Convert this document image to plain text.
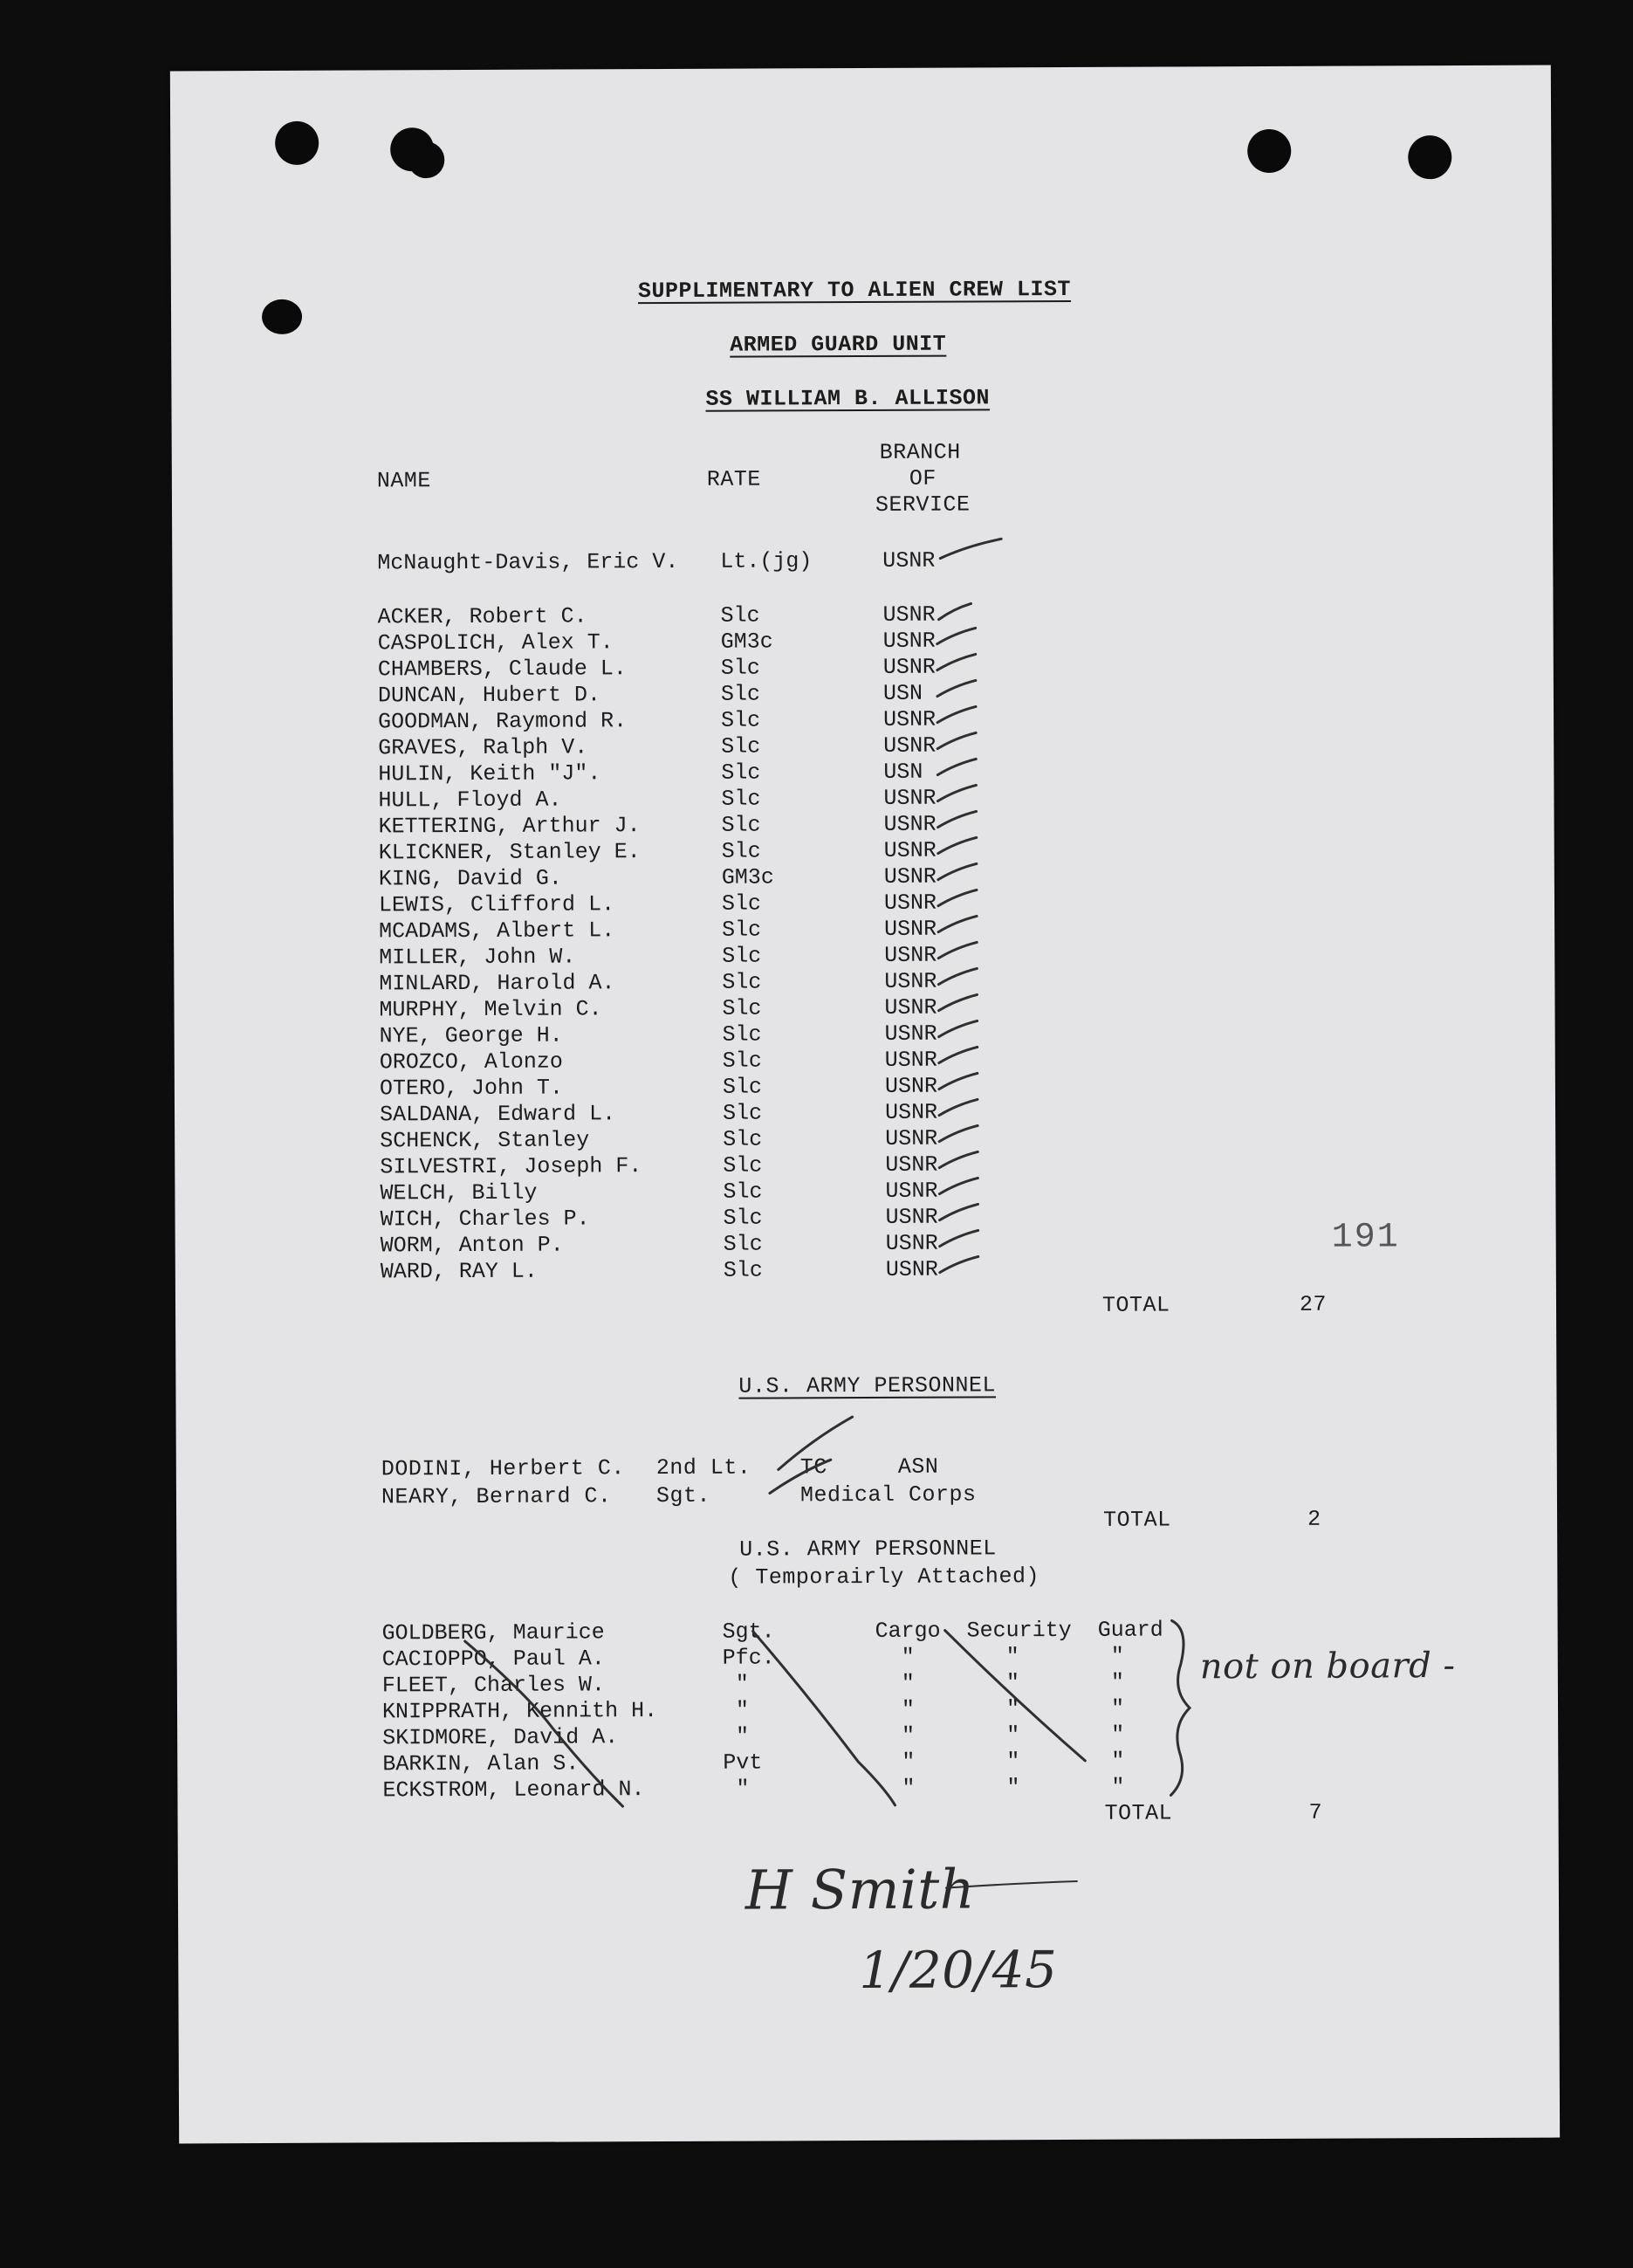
SUPPLIMENTARY TO ALIEN CREW LIST
ARMED GUARD UNIT
SS WILLIAM B. ALLISON
NAME	RATE
BRANCH
OF
SERVICE
McNaught-Davis, Eric V. Lt.(jg)	USNR
ACKER, Robert C.	Slc	USNR
CASPOLICH, Alex T.	GM3c	USNR
CHAMBERS, Claude L.	Slc	USNR
DUNCAN, Hubert D.	Slc	USN
GOODMAN, Raymond R.	Slc	USNR
GRAVES, Ralph V.	Slc	USNR
HULIN, Keith "J".	Slc	USN
HULL, Floyd A.	Slc	USNR
KETTERING, Arthur J.	Slc	USNR
KLICKNER, Stanley E.	Slc	USNR
KING, David G.	GM3c	USNR
LEWIS, Clifford L.	Slc	USNR
MCADAMS, Albert L.	Slc	USNR
MILLER, John W.	Slc	USNR
MINLARD, Harold A.	Slc	USNR
MURPHY, Melvin C.	Slc	USNR
NYE, George H.	Slc	USNR
OROZCO, Alonzo	Slc	USNR
OTERO, John T.	Slc	USNR
SALDANA, Edward L.	Slc	USNR
SCHENCK, Stanley	Slc	USNR
SILVESTRI, Joseph F.	Slc	USNR
WELCH, Billy	Slc	USNR
WICH, Charles P.	Slc	USNR
WORM, Anton P.	Slc	USNR
WARD, RAY L.	Slc	USNR
191
TOTAL	27
U.S. ARMY PERSONNEL
DODINI, Herbert C. 2nd Lt. TC	ASN
NEARY, Bernard C. Sgt.	Medical Corps
TOTAL	2
U.S. ARMY PERSONNEL
( Temporairly Attached)
GOLDBERG, Maurice	Sgt.	Cargo  Security  Guard
CACIOPPO, Paul A.	Pfc.	"       "       "
FLEET, Charles W.	"	"       "       "
KNIPPRATH, Kennith H.	"	"       "       "
SKIDMORE, David A.	"	"       "       "
BARKIN, Alan S.	Pvt	"       "       "
ECKSTROM, Leonard N.	"	"       "       "
not on board -
TOTAL	7
H Smith
1/20/45
